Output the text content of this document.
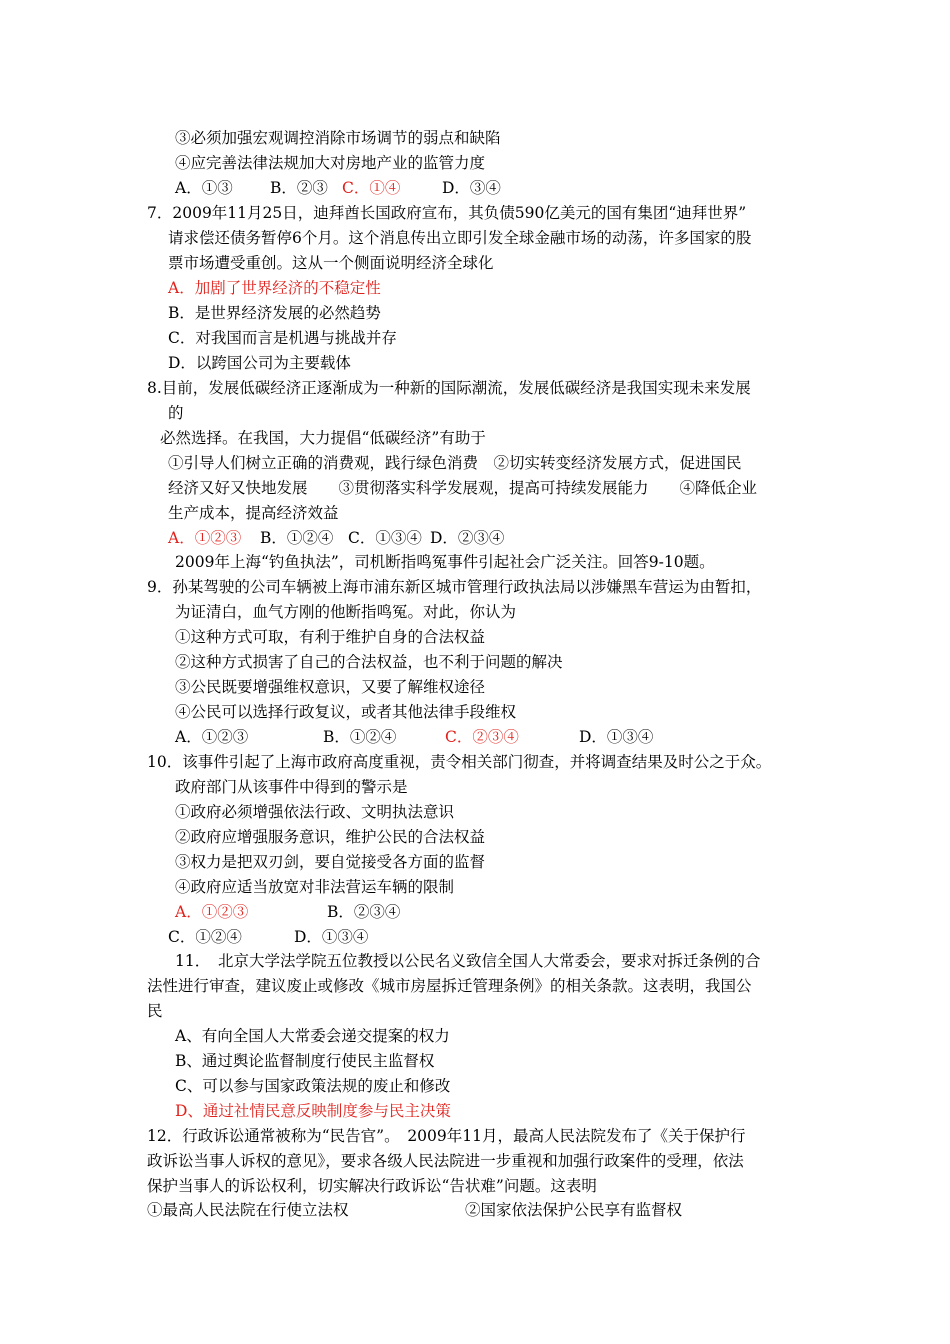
③必须加强宏观调控消除市场调节的弱点和缺陷
④应完善法律法规加大对房地产业的监管力度
A．①③ B．②③ C．①④	D．③④
7．2009年11月25日，迪拜酋长国政府宣布，其负债590亿美元的国有集团“迪拜世界”
请求偿还债务暂停6个月。这个消息传出立即引发全球金融市场的动荡，许多国家的股
票市场遭受重创。这从一个侧面说明经济全球化
A．加剧了世界经济的不稳定性
B．是世界经济发展的必然趋势
C．对我国而言是机遇与挑战并存
D．以跨国公司为主要载体
8.目前，发展低碳经济正逐渐成为一种新的国际潮流，发展低碳经济是我国实现未来发展
的
必然选择。在我国，大力提倡“低碳经济”有助于
①引导人们树立正确的消费观，践行绿色消费　②切实转变经济发展方式，促进国民
经济又好又快地发展　　③贯彻落实科学发展观，提高可持续发展能力　　④降低企业
生产成本，提高经济效益
A．①②③ B．①②④ C．①③④ D．②③④
2009年上海“钓鱼执法”，司机断指鸣冤事件引起社会广泛关注。回答9-10题。
9．孙某驾驶的公司车辆被上海市浦东新区城市管理行政执法局以涉嫌黑车营运为由暂扣，
为证清白，血气方刚的他断指鸣冤。对此，你认为
①这种方式可取，有利于维护自身的合法权益
②这种方式损害了自己的合法权益，也不利于问题的解决
③公民既要增强维权意识，又要了解维权途径
④公民可以选择行政复议，或者其他法律手段维权
A．①②③	B．①②④	C．②③④	D．①③④
10．该事件引起了上海市政府高度重视，责令相关部门彻查，并将调查结果及时公之于众。
政府部门从该事件中得到的警示是
①政府必须增强依法行政、文明执法意识
②政府应增强服务意识，维护公民的合法权益
③权力是把双刃剑，要自觉接受各方面的监督
④政府应适当放宽对非法营运车辆的限制
A．①②③	B．②③④
C．①②④	D．①③④
11．　北京大学法学院五位教授以公民名义致信全国人大常委会，要求对拆迁条例的合
法性进行审查，建议废止或修改《城市房屋拆迁管理条例》的相关条款。这表明，我国公
民
A、有向全国人大常委会递交提案的权力
B、通过舆论监督制度行使民主监督权
C、可以参与国家政策法规的废止和修改
D、通过社情民意反映制度参与民主决策
12．行政诉讼通常被称为“民告官”。　2009年11月，最高人民法院发布了《关于保护行
政诉讼当事人诉权的意见》，要求各级人民法院进一步重视和加强行政案件的受理，依法
保护当事人的诉讼权利，切实解决行政诉讼“告状难”问题。这表明
①最高人民法院在行使立法权	②国家依法保护公民享有监督权
